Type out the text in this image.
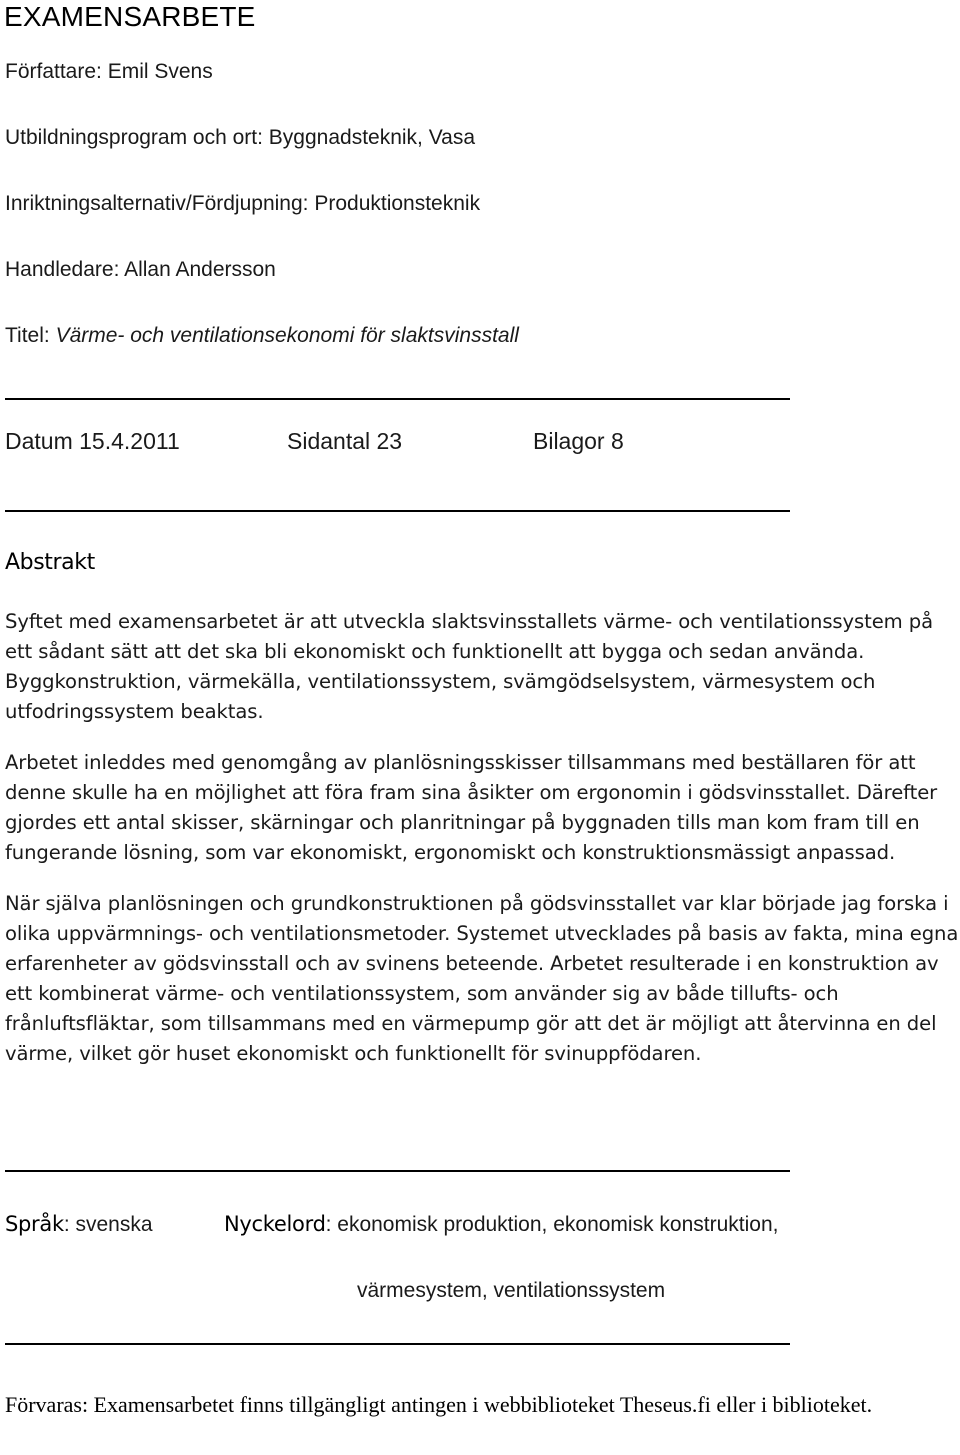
EXAMENSARBETE
Författare: Emil Svens
Utbildningsprogram och ort: Byggnadsteknik, Vasa
Inriktningsalternativ/Fördjupning: Produktionsteknik
Handledare: Allan Andersson
Titel: Värme- och ventilationsekonomi för slaktsvinsstall
Datum 15.4.2011	Sidantal 23	Bilagor 8
Abstrakt

Syftet med examensarbetet är att utveckla slaktsvinsstallets värme- och ventilationssystem på ett sådant sätt att det ska bli ekonomiskt och funktionellt att bygga och sedan använda. Byggkonstruktion, värmekälla, ventilationssystem, svämgödselsystem, värmesystem och utfodringssystem beaktas.

Arbetet inleddes med genomgång av planlösningsskisser tillsammans med beställaren för att denne skulle ha en möjlighet att föra fram sina åsikter om ergonomin i gödsvinsstallet. Därefter gjordes ett antal skisser, skärningar och planritningar på byggnaden tills man kom fram till en fungerande lösning, som var ekonomiskt, ergonomiskt och konstruktionsmässigt anpassad.

När själva planlösningen och grundkonstruktionen på gödsvinsstallet var klar började jag forska i olika uppvärmnings- och ventilationsmetoder. Systemet utvecklades på basis av fakta, mina egna erfarenheter av gödsvinsstall och av svinens beteende. Arbetet resulterade i en konstruktion av ett kombinerat värme- och ventilationssystem, som använder sig av både tillufts- och frånluftsfläktar, som tillsammans med en värmepump gör att det är möjligt att återvinna en del värme, vilket gör huset ekonomiskt och funktionellt för svinuppfödaren.

Språk: svenska	Nyckelord: ekonomisk produktion, ekonomisk konstruktion,
värmesystem, ventilationssystem
Förvaras: Examensarbetet finns tillgängligt antingen i webbiblioteket Theseus.fi eller i biblioteket.
